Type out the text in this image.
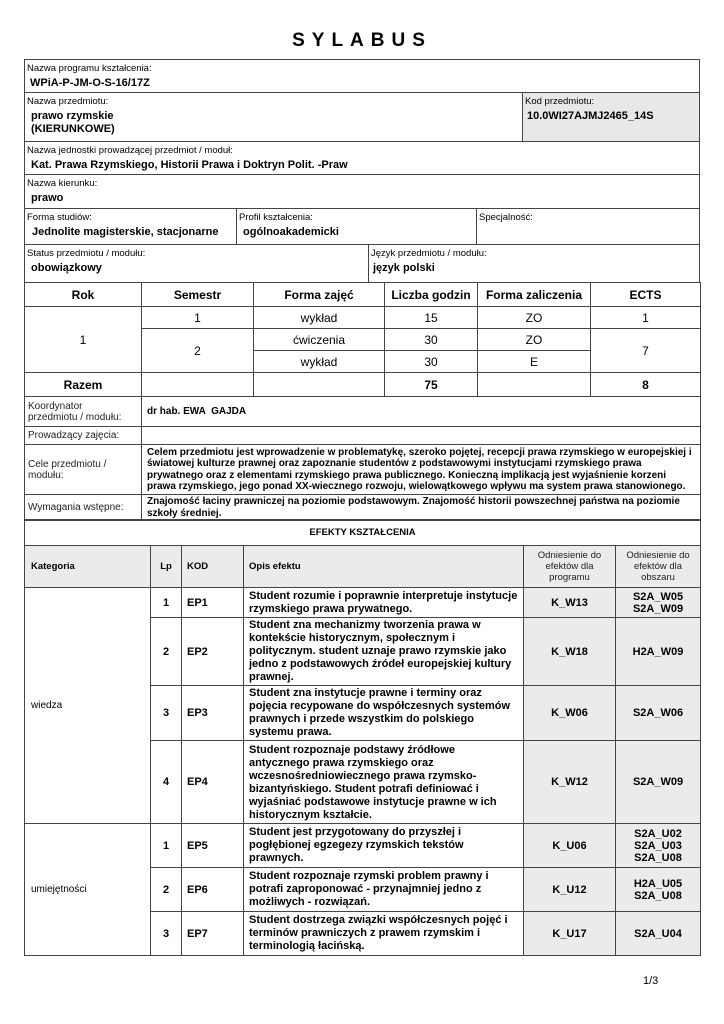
SYLABUS
Nazwa programu kształcenia:
WPiA-P-JM-O-S-16/17Z
Nazwa przedmiotu:
prawo rzymskie
(KIERUNKOWE)
Kod przedmiotu:
10.0WI27AJMJ2465_14S
Nazwa jednostki prowadzącej przedmiot / moduł:
Kat. Prawa Rzymskiego, Historii Prawa i Doktryn Polit. -Praw
Nazwa kierunku:
prawo
Forma studiów:
Jednolite magisterskie, stacjonarne
Profil kształcenia:
ogólnoakademicki
Specjalność:
Status przedmiotu / modułu:
obowiązkowy
Język przedmiotu / modułu:
język polski
Rok	Semestr	Forma zajęć	Liczba godzin	Forma zaliczenia	ECTS
1	1	wykład	15	ZO	1
	2	ćwiczenia	30	ZO	7
		wykład	30	E	
Razem			75		8
Koordynator
przedmiotu / modułu:	dr hab. EWA  GAJDA
Prowadzący zajęcia:	

Cele przedmiotu /
modułu:	Celem przedmiotu jest wprowadzenie w problematykę, szeroko pojętej, recepcji prawa rzymskiego w europejskiej i światowej kulturze prawnej oraz zapoznanie studentów z podstawowymi instytucjami rzymskiego prawa prywatnego oraz z elementami rzymskiego prawa publicznego. Konieczną implikacją jest wyjaśnienie korzeni prawa rzymskiego, jego ponad XX-wiecznego rozwoju, wielowątkowego wpływu ma system prawa stanowionego.
Wymagania wstępne:	Znajomość łaciny prawniczej na poziomie podstawowym. Znajomość historii powszechnej państwa na poziomie szkoły średniej.
EFEKTY KSZTAŁCENIA					
Kategoria	Lp	KOD	Opis efektu	Odniesienie do efektów dla programu	Odniesienie do efektów dla obszaru
wiedza	1	EP1	Student rozumie i poprawnie interpretuje instytucje rzymskiego prawa prywatnego.	K_W13	S2A_W05 S2A_W09
	2	EP2	Student zna mechanizmy tworzenia prawa w kontekście historycznym, społecznym i politycznym. student uznaje prawo rzymskie jako jedno z podstawowych źródeł europejskiej kultury prawnej.	K_W18	H2A_W09
	3	EP3	Student zna instytucje prawne i terminy oraz pojęcia recypowane do współczesnych systemów prawnych i przede wszystkim do polskiego systemu prawa.	K_W06	S2A_W06
	4	EP4	Student rozpoznaje podstawy źródłowe antycznego prawa rzymskiego oraz wczesnośredniowiecznego prawa rzymsko-bizantyńskiego. Student potrafi definiować i wyjaśniać podstawowe instytucje prawne w ich historycznym kształcie.	K_W12	S2A_W09
umiejętności	1	EP5	Student jest przygotowany do przyszłej i pogłębionej egzegezy rzymskich tekstów prawnych.	K_U06	S2A_U02 S2A_U03 S2A_U08
	2	EP6	Student rozpoznaje rzymski problem prawny i potrafi zaproponować - przynajmniej jedno z możliwych - rozwiązań.	K_U12	H2A_U05 S2A_U08
	3	EP7	Student dostrzega związki współczesnych pojęć i terminów prawniczych z prawem rzymskim i terminologią łacińską.	K_U17	S2A_U04
1/3
